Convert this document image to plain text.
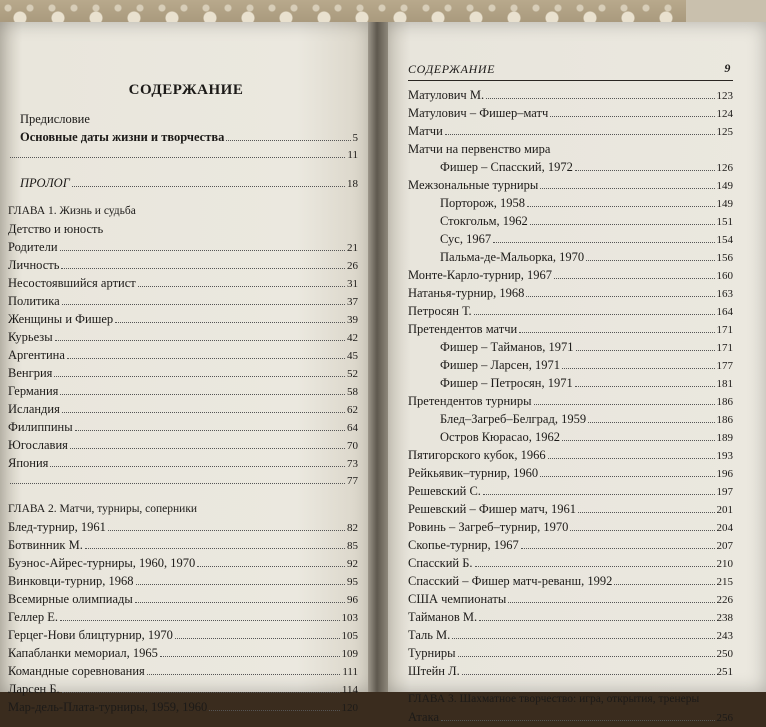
СОДЕРЖАНИЕ
СОДЕРЖАНИЕ	9
Предисловие
Основные даты жизни и творчества	5
11
ПРОЛОГ	18
ГЛАВА 1. Жизнь и судьба
Детство и юность
Родители	21
Личность	26
Несостоявшийся артист	31
Политика	37
Женщины и Фишер	39
Курьезы	42
Аргентина	45
Венгрия	52
Германия	58
Исландия	62
Филиппины	64
Югославия	70
Япония	73
77
ГЛАВА 2. Матчи, турниры, соперники
Блед-турнир, 1961	82
Ботвинник М.	85
Буэнос-Айрес-турниры, 1960, 1970	92
Винковци-турнир, 1968	95
Всемирные олимпиады	96
Геллер Е.	103
Герцег-Нови блицтурнир, 1970	105
Капабланки мемориал, 1965	109
Командные соревнования	111
Ларсен Б.	114
Мар-дель-Плата-турниры, 1959, 1960	120
Матулович М.	123
Матулович – Фишер–матч	124
Матчи	125
Матчи на первенство мира
Фишер – Спасский, 1972	126
Межзональные турниры	149
Порторож, 1958	149
Стокгольм, 1962	151
Сус, 1967	154
Пальма-де-Мальорка, 1970	156
Монте-Карло-турнир, 1967	160
Натанья-турнир, 1968	163
Петросян Т.	164
Претендентов матчи	171
Фишер – Тайманов, 1971	171
Фишер – Ларсен, 1971	177
Фишер – Петросян, 1971	181
Претендентов турниры	186
Блед–Загреб–Белград, 1959	186
Остров Кюрасао, 1962	189
Пятигорского кубок, 1966	193
Рейкьявик–турнир, 1960	196
Решевский С.	197
Решевский – Фишер матч, 1961	201
Ровинь – Загреб–турнир, 1970	204
Скопье-турнир, 1967	207
Спасский Б.	210
Спасский – Фишер матч-реванш, 1992	215
США чемпионаты	226
Тайманов М.	238
Таль М.	243
Турниры	250
Штейн Л.	251
ГЛАВА 3. Шахматное творчество: игра, открытия, тренеры
Атака	256
